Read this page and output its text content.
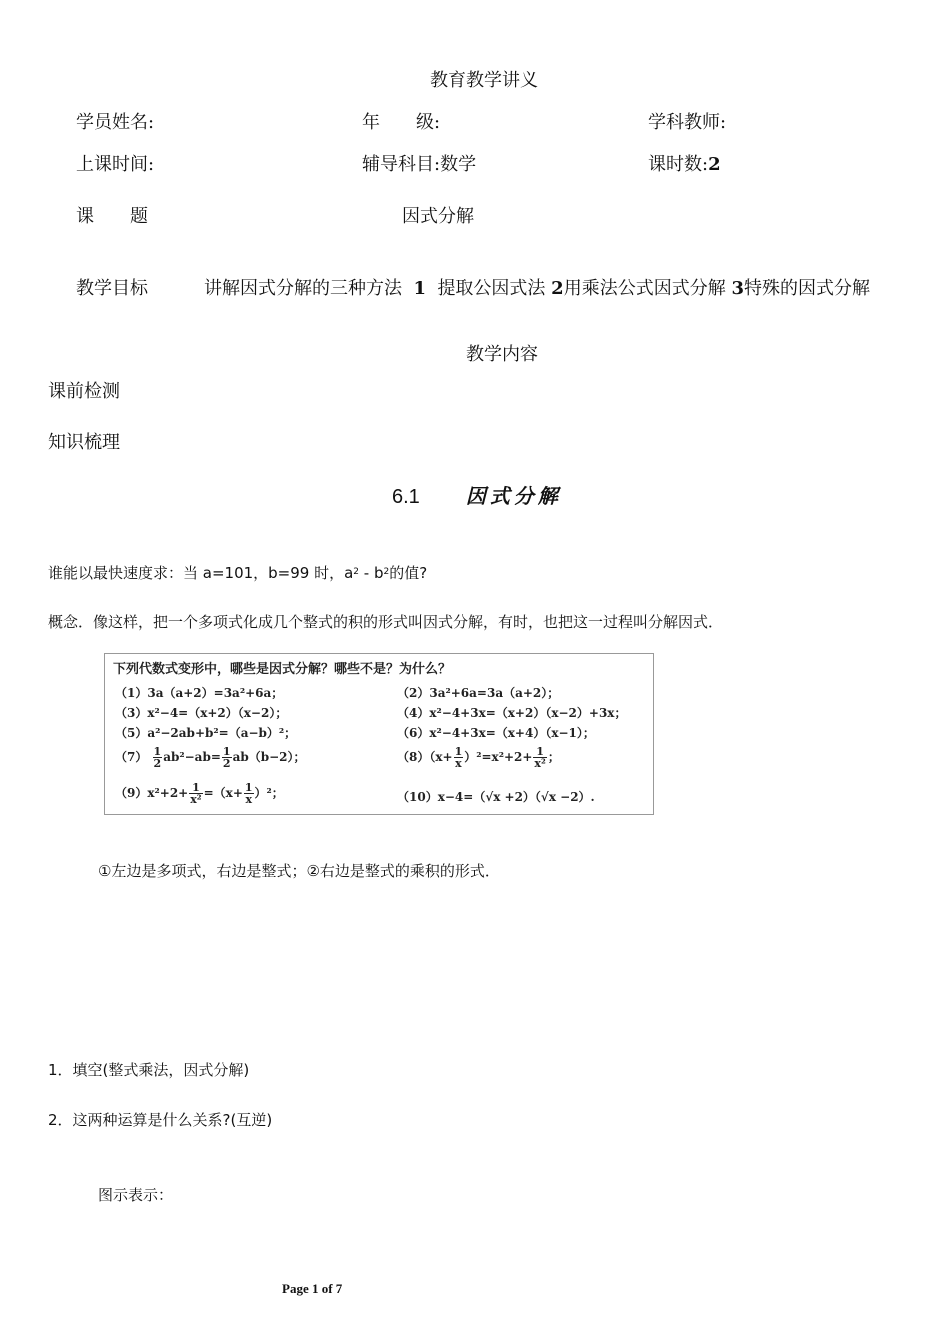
教育教学讲义
学员姓名:	年　　级:	学科教师:
上课时间:	辅导科目:数学	课时数:2
课　　题	因式分解
教学目标	讲解因式分解的三种方法 1 提取公因式法 2用乘法公式因式分解 3特殊的因式分解
教学内容
课前检测
知识梳理
6.1 因式分解
谁能以最快速度求：当 a=101，b=99 时，$a^2 - b^2$的值?
概念．像这样，把一个多项式化成几个整式的积的形式叫因式分解，有时，也把这一过程叫分解因式．
下列代数式变形中，哪些是因式分解？哪些不是？为什么？
（1）3a（a+2）=3a²+6a；	（2）3a²+6a=3a（a+2）；
（3）x²−4=（x+2）（x−2）；	（4）x²−4+3x=（x+2）（x−2）+3x；
（5）a²−2ab+b²=（a−b）²；	（6）x²−4+3x=（x+4）（x−1）；
$(7) \frac{1}{2} ab^2-ab= \frac{1}{2} ab(b-2)$；	$(8)(x+ \frac{1}{x} )^2=x^2+2+ \frac{1}{\text{x²}}$ ；
$(9)x^2+2+ \frac{1}{\text{x²}} =(x+ \frac{1}{x} )^2$；	（10）x−4=（√x +2）（√x −2）.
①左边是多项式，右边是整式；②右边是整式的乘积的形式．
1．填空(整式乘法，因式分解)
2．这两种运算是什么关系?(互逆)
图示表示：
Page 1 of 7
